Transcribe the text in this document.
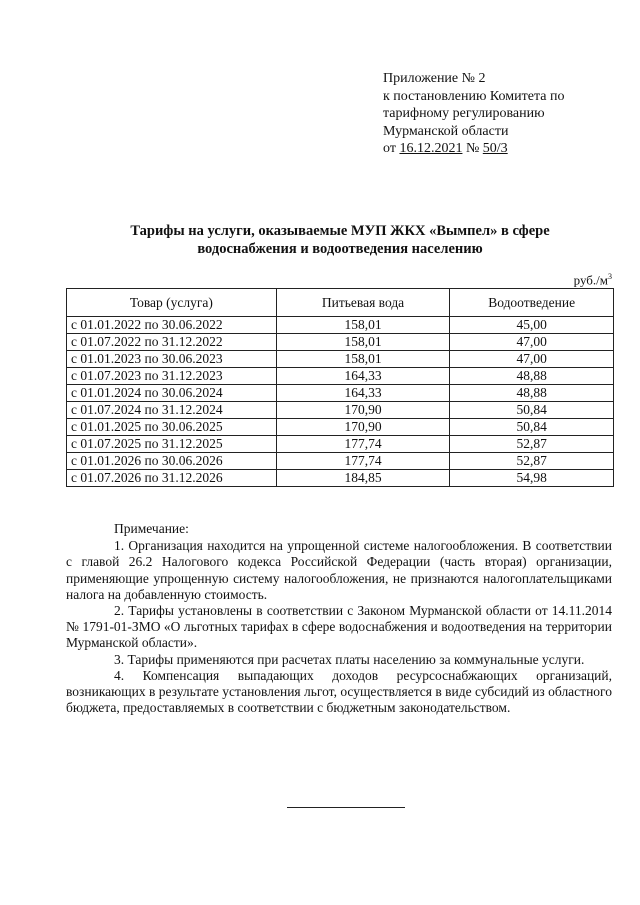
Приложение № 2
к постановлению Комитета по
тарифному регулированию
Мурманской области
от 16.12.2021 № 50/3
Тарифы на услуги, оказываемые МУП ЖКХ «Вымпел» в сфере
водоснабжения и водоотведения населению
$руб./м^3$
Товар (услуга)	Питьевая вода	Водоотведение
с 01.01.2022 по 30.06.2022	158,01	45,00
с 01.07.2022 по 31.12.2022	158,01	47,00
с 01.01.2023 по 30.06.2023	158,01	47,00
с 01.07.2023 по 31.12.2023	164,33	48,88
с 01.01.2024 по 30.06.2024	164,33	48,88
с 01.07.2024 по 31.12.2024	170,90	50,84
с 01.01.2025 по 30.06.2025	170,90	50,84
с 01.07.2025 по 31.12.2025	177,74	52,87
с 01.01.2026 по 30.06.2026	177,74	52,87
с 01.07.2026 по 31.12.2026	184,85	54,98

Примечание:

1. Организация находится на упрощенной системе налогообложения. В соответствии с главой 26.2 Налогового кодекса Российской Федерации (часть вторая) организации, применяющие упрощенную систему налогообложения, не признаются налогоплательщиками налога на добавленную стоимость.

2. Тарифы установлены в соответствии с Законом Мурманской области от 14.11.2014 № 1791-01-ЗМО «О льготных тарифах в сфере водоснабжения и водоотведения на территории Мурманской области».

3. Тарифы применяются при расчетах платы населению за коммунальные услуги.

4. Компенсация выпадающих доходов ресурсоснабжающих организаций, возникающих в результате установления льгот, осуществляется в виде субсидий из областного бюджета, предоставляемых в соответствии с бюджетным законодательством.
